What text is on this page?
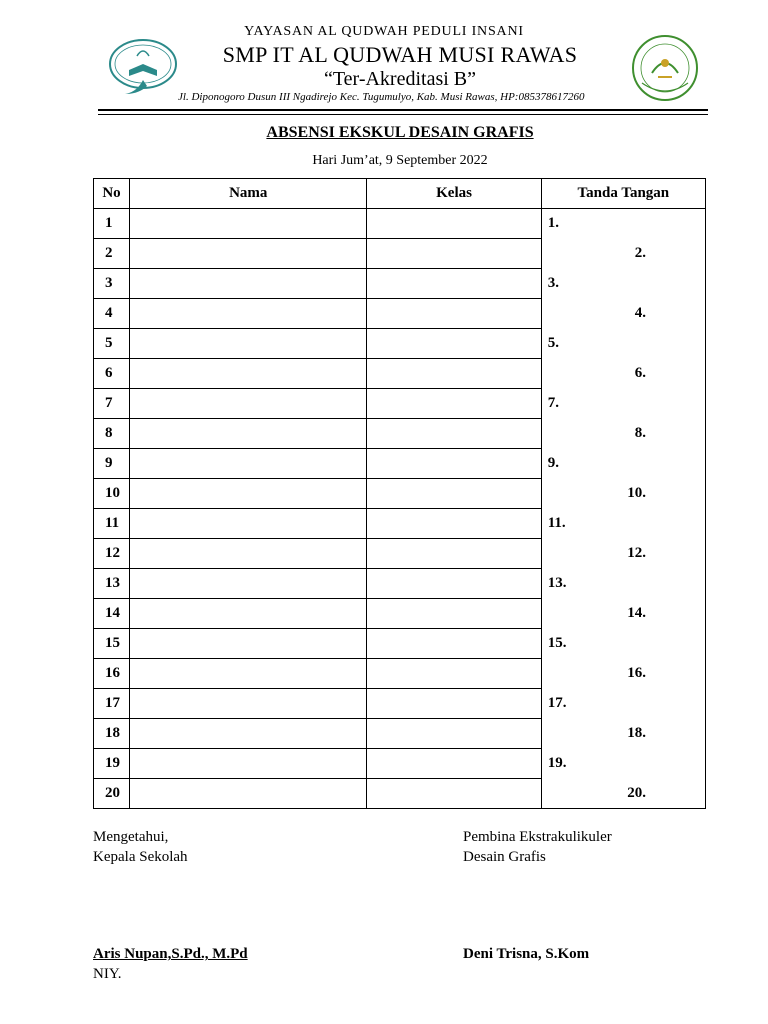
YAYASAN AL QUDWAH PEDULI INSANI
SMP IT AL QUDWAH MUSI RAWAS
“Ter-Akreditasi B”
Jl. Diponogoro Dusun III Ngadirejo Kec. Tugumulyo, Kab. Musi Rawas, HP:085378617260
ABSENSI EKSKUL DESAIN GRAFIS
Hari Jum’at, 9 September 2022
No	Nama	Kelas	Tanda Tangan
1			1.
2			2.
3			3.
4			4.
5			5.
6			6.
7			7.
8			8.
9			9.
10			10.
11			11.
12			12.
13			13.
14			14.
15			15.
16			16.
17			17.
18			18.
19			19.
20			20.
Mengetahui,
Kepala Sekolah
Pembina Ekstrakulikuler
Desain Grafis
Aris Nupan,S.Pd., M.Pd
NIY.
Deni Trisna, S.Kom
